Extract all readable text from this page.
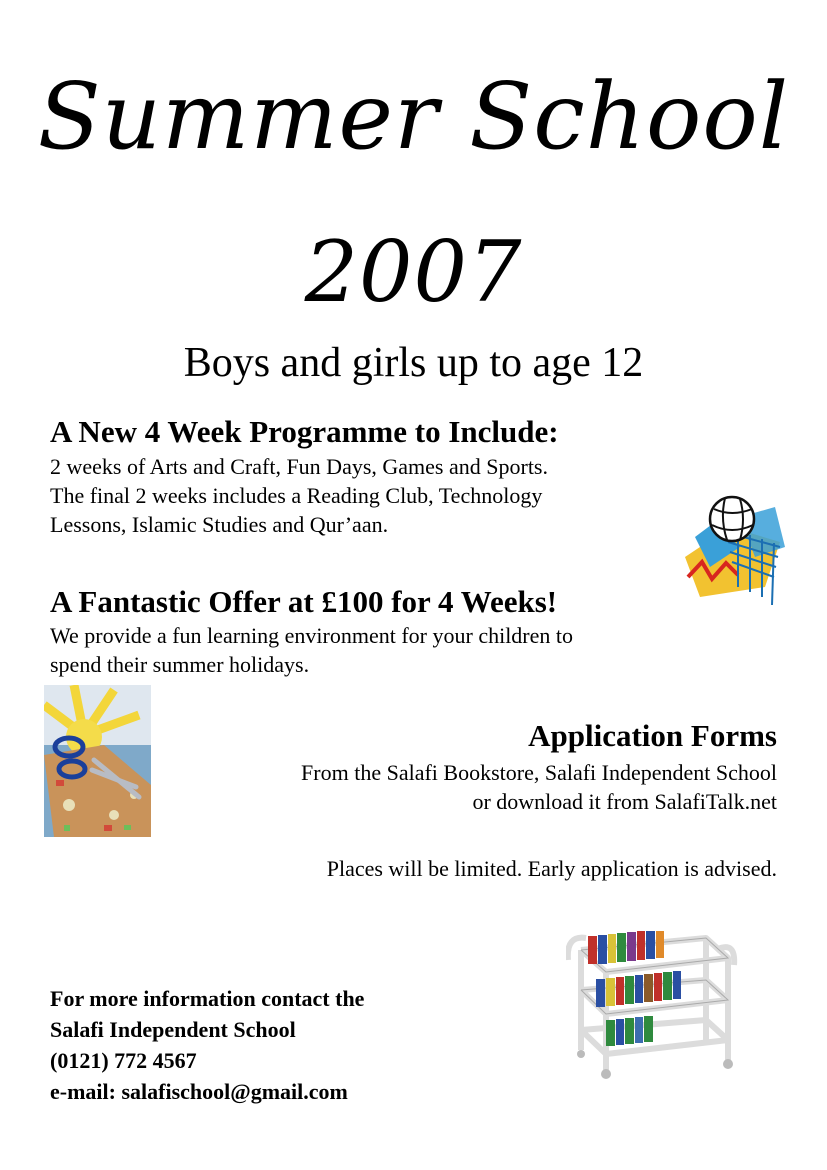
Summer School
2007

Boys and girls up to age 12

A New 4 Week Programme to Include:
2 weeks of Arts and Craft, Fun Days, Games and Sports.
The final 2 weeks includes a Reading Club, Technology
Lessons, Islamic Studies and Qur’aan.
A Fantastic Offer at £100 for 4 Weeks!
We provide a fun learning environment for your children to
spend their summer holidays.
Application Forms
From the Salafi Bookstore, Salafi Independent School
or download it from SalafiTalk.net

Places will be limited. Early application is advised.

For more information contact the
Salafi Independent School
(0121) 772 4567
e-mail: salafischool@gmail.com
